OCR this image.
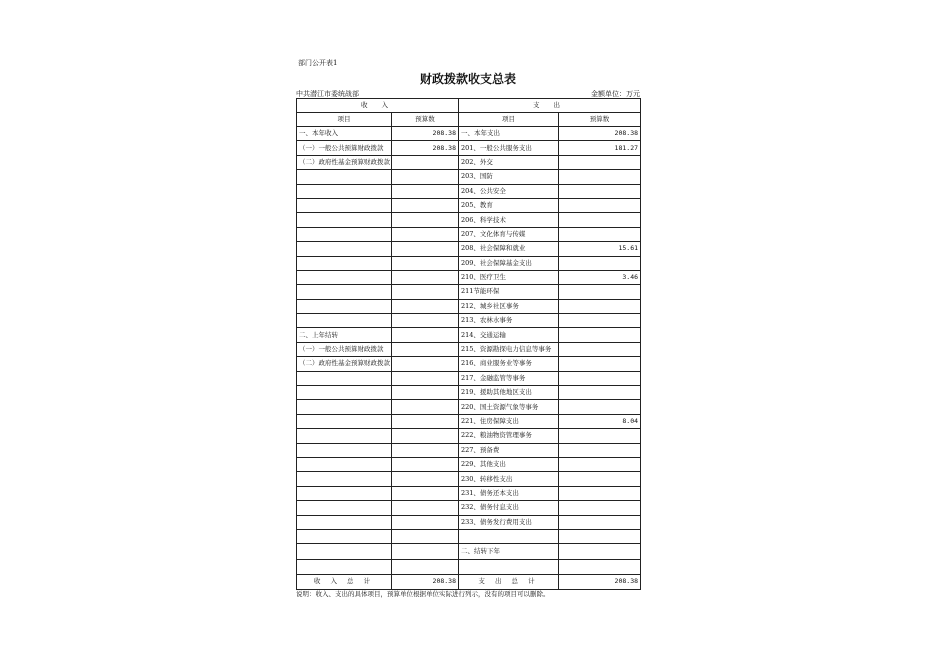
部门公开表1
财政拨款收支总表
中共潜江市委统战部	金额单位：万元
收 入		支 出	
项目	预算数	项目	预算数
一、本年收入	208.38	一、本年支出	208.38
（一）一般公共预算财政拨款	208.38	201、一般公共服务支出	181.27
（二）政府性基金预算财政拨款		202、外交	
		203、国防	
		204、公共安全	
		205、教育	
		206、科学技术	
		207、文化体育与传媒	
		208、社会保障和就业	15.61
		209、社会保障基金支出	
		210、医疗卫生	3.46
		211节能环保	
		212、城乡社区事务	
		213、农林水事务	
二、上年结转		214、交通运输	
（一）一般公共预算财政拨款		215、资源勘探电力信息等事务	
（二）政府性基金预算财政拨款		216、商业服务业等事务	
		217、金融监管等事务	
		219、援助其他地区支出	
		220、国土资源气象等事务	
		221、住房保障支出	8.04
		222、粮油物资管理事务	
		227、预备费	
		229、其他支出	
		230、转移性支出	
		231、债务还本支出	
		232、债务付息支出	
		233、债务发行费用支出	

		二、结转下年	

收 入 总 计	208.38	支 出 总 计	208.38
说明：收入、支出的具体项目，预算单位根据单位实际进行列示，没有的项目可以删除。
